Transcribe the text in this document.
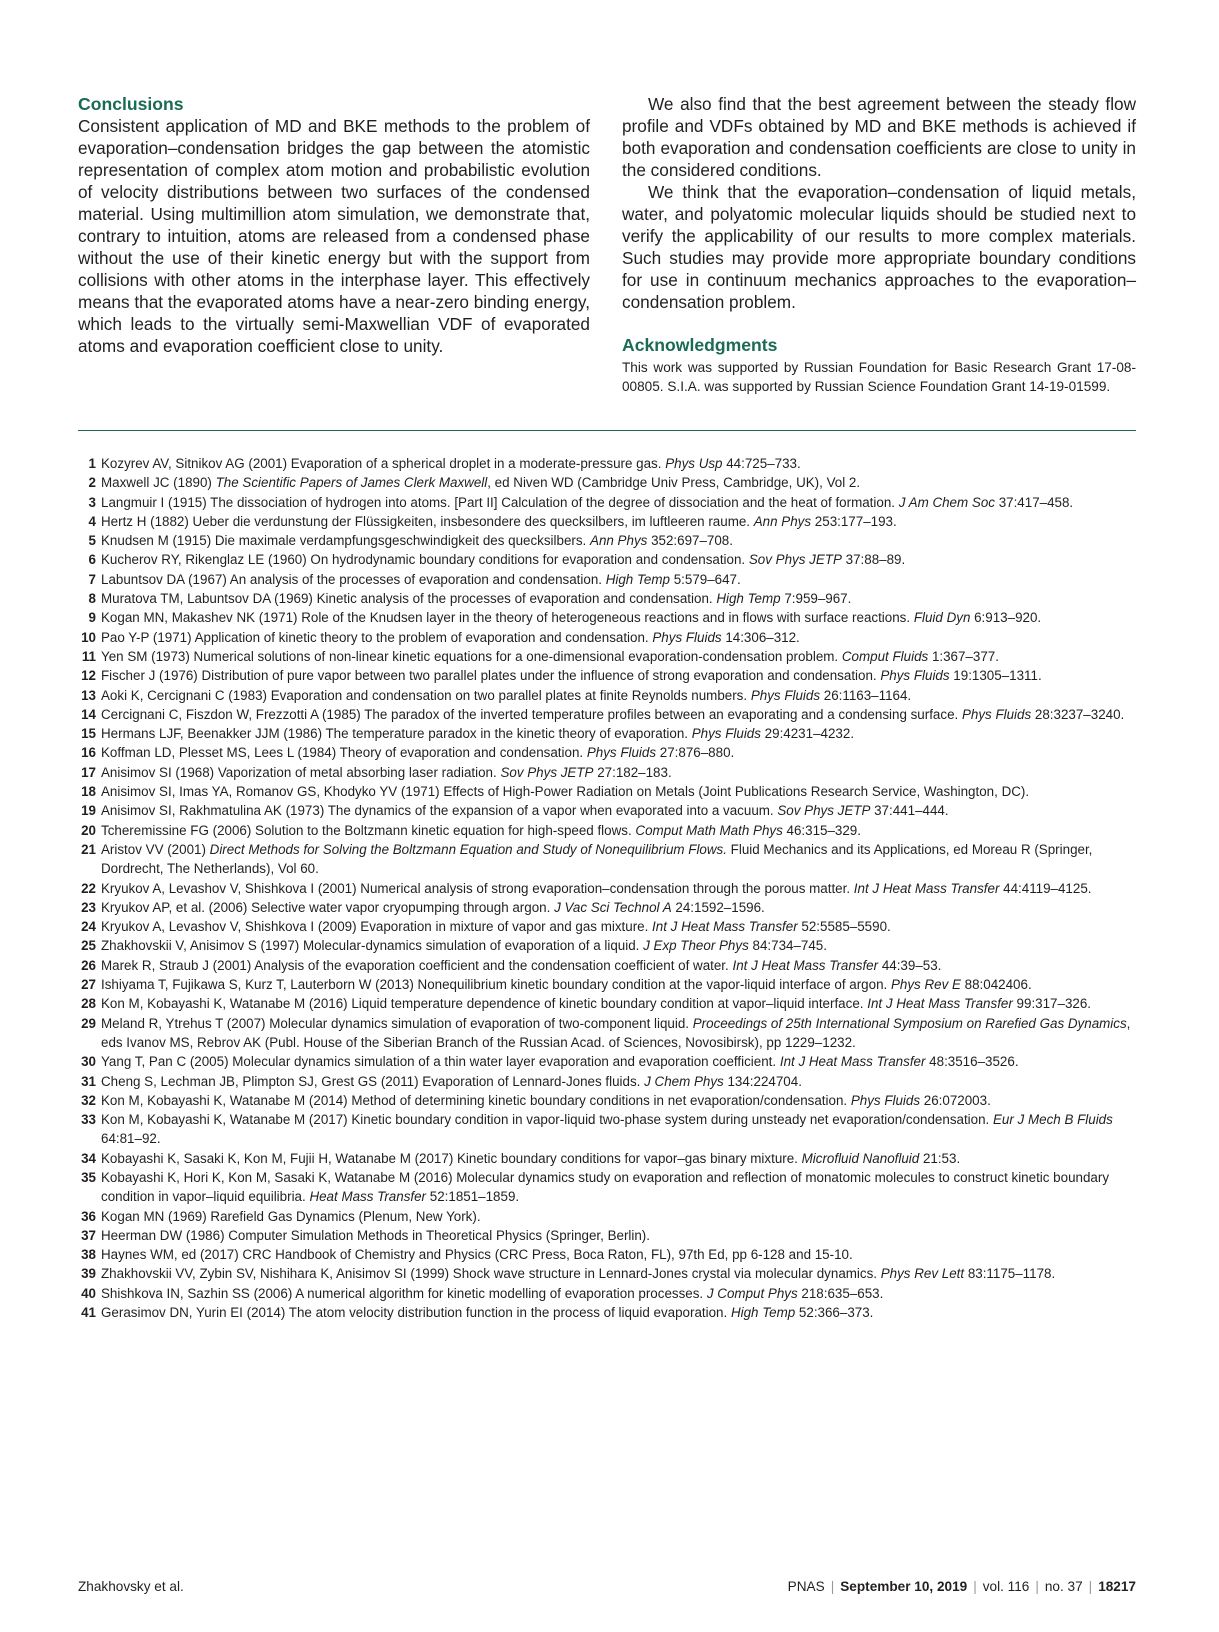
Conclusions

Consistent application of MD and BKE methods to the problem of evaporation–condensation bridges the gap between the atomistic representation of complex atom motion and probabilistic evolution of velocity distributions between two surfaces of the condensed material. Using multimillion atom simulation, we demonstrate that, contrary to intuition, atoms are released from a condensed phase without the use of their kinetic energy but with the support from collisions with other atoms in the interphase layer. This effectively means that the evaporated atoms have a near-zero binding energy, which leads to the virtually semi-Maxwellian VDF of evaporated atoms and evaporation coefficient close to unity.

We also find that the best agreement between the steady flow profile and VDFs obtained by MD and BKE methods is achieved if both evaporation and condensation coefficients are close to unity in the considered conditions.

We think that the evaporation–condensation of liquid metals, water, and polyatomic molecular liquids should be studied next to verify the applicability of our results to more complex materials. Such studies may provide more appropriate boundary conditions for use in continuum mechanics approaches to the evaporation–condensation problem.

Acknowledgments

This work was supported by Russian Foundation for Basic Research Grant 17-08-00805. S.I.A. was supported by Russian Science Foundation Grant 14-19-01599.

1 Kozyrev AV, Sitnikov AG (2001) Evaporation of a spherical droplet in a moderate-pressure gas. Phys Usp 44:725–733.
2 Maxwell JC (1890) The Scientific Papers of James Clerk Maxwell, ed Niven WD (Cambridge Univ Press, Cambridge, UK), Vol 2.
3 Langmuir I (1915) The dissociation of hydrogen into atoms. [Part II] Calculation of the degree of dissociation and the heat of formation. J Am Chem Soc 37:417–458.
4 Hertz H (1882) Ueber die verdunstung der Flüssigkeiten, insbesondere des quecksilbers, im luftleeren raume. Ann Phys 253:177–193.
5 Knudsen M (1915) Die maximale verdampfungsgeschwindigkeit des quecksilbers. Ann Phys 352:697–708.
6 Kucherov RY, Rikenglaz LE (1960) On hydrodynamic boundary conditions for evaporation and condensation. Sov Phys JETP 37:88–89.
7 Labuntsov DA (1967) An analysis of the processes of evaporation and condensation. High Temp 5:579–647.
8 Muratova TM, Labuntsov DA (1969) Kinetic analysis of the processes of evaporation and condensation. High Temp 7:959–967.
9 Kogan MN, Makashev NK (1971) Role of the Knudsen layer in the theory of heterogeneous reactions and in flows with surface reactions. Fluid Dyn 6:913–920.
10 Pao Y-P (1971) Application of kinetic theory to the problem of evaporation and condensation. Phys Fluids 14:306–312.
11 Yen SM (1973) Numerical solutions of non-linear kinetic equations for a one-dimensional evaporation-condensation problem. Comput Fluids 1:367–377.
12 Fischer J (1976) Distribution of pure vapor between two parallel plates under the influence of strong evaporation and condensation. Phys Fluids 19:1305–1311.
13 Aoki K, Cercignani C (1983) Evaporation and condensation on two parallel plates at finite Reynolds numbers. Phys Fluids 26:1163–1164.
14 Cercignani C, Fiszdon W, Frezzotti A (1985) The paradox of the inverted temperature profiles between an evaporating and a condensing surface. Phys Fluids 28:3237–3240.
15 Hermans LJF, Beenakker JJM (1986) The temperature paradox in the kinetic theory of evaporation. Phys Fluids 29:4231–4232.
16 Koffman LD, Plesset MS, Lees L (1984) Theory of evaporation and condensation. Phys Fluids 27:876–880.
17 Anisimov SI (1968) Vaporization of metal absorbing laser radiation. Sov Phys JETP 27:182–183.
18 Anisimov SI, Imas YA, Romanov GS, Khodyko YV (1971) Effects of High-Power Radiation on Metals (Joint Publications Research Service, Washington, DC).
19 Anisimov SI, Rakhmatulina AK (1973) The dynamics of the expansion of a vapor when evaporated into a vacuum. Sov Phys JETP 37:441–444.
20 Tcheremissine FG (2006) Solution to the Boltzmann kinetic equation for high-speed flows. Comput Math Math Phys 46:315–329.
21 Aristov VV (2001) Direct Methods for Solving the Boltzmann Equation and Study of Nonequilibrium Flows. Fluid Mechanics and its Applications, ed Moreau R (Springer, Dordrecht, The Netherlands), Vol 60.
22 Kryukov A, Levashov V, Shishkova I (2001) Numerical analysis of strong evaporation–condensation through the porous matter. Int J Heat Mass Transfer 44:4119–4125.
23 Kryukov AP, et al. (2006) Selective water vapor cryopumping through argon. J Vac Sci Technol A 24:1592–1596.
24 Kryukov A, Levashov V, Shishkova I (2009) Evaporation in mixture of vapor and gas mixture. Int J Heat Mass Transfer 52:5585–5590.
25 Zhakhovskii V, Anisimov S (1997) Molecular-dynamics simulation of evaporation of a liquid. J Exp Theor Phys 84:734–745.
26 Marek R, Straub J (2001) Analysis of the evaporation coefficient and the condensation coefficient of water. Int J Heat Mass Transfer 44:39–53.
27 Ishiyama T, Fujikawa S, Kurz T, Lauterborn W (2013) Nonequilibrium kinetic boundary condition at the vapor-liquid interface of argon. Phys Rev E 88:042406.
28 Kon M, Kobayashi K, Watanabe M (2016) Liquid temperature dependence of kinetic boundary condition at vapor–liquid interface. Int J Heat Mass Transfer 99:317–326.
29 Meland R, Ytrehus T (2007) Molecular dynamics simulation of evaporation of two-component liquid. Proceedings of 25th International Symposium on Rarefied Gas Dynamics, eds Ivanov MS, Rebrov AK (Publ. House of the Siberian Branch of the Russian Acad. of Sciences, Novosibirsk), pp 1229–1232.
30 Yang T, Pan C (2005) Molecular dynamics simulation of a thin water layer evaporation and evaporation coefficient. Int J Heat Mass Transfer 48:3516–3526.
31 Cheng S, Lechman JB, Plimpton SJ, Grest GS (2011) Evaporation of Lennard-Jones fluids. J Chem Phys 134:224704.
32 Kon M, Kobayashi K, Watanabe M (2014) Method of determining kinetic boundary conditions in net evaporation/condensation. Phys Fluids 26:072003.
33 Kon M, Kobayashi K, Watanabe M (2017) Kinetic boundary condition in vapor-liquid two-phase system during unsteady net evaporation/condensation. Eur J Mech B Fluids 64:81–92.
34 Kobayashi K, Sasaki K, Kon M, Fujii H, Watanabe M (2017) Kinetic boundary conditions for vapor–gas binary mixture. Microfluid Nanofluid 21:53.
35 Kobayashi K, Hori K, Kon M, Sasaki K, Watanabe M (2016) Molecular dynamics study on evaporation and reflection of monatomic molecules to construct kinetic boundary condition in vapor–liquid equilibria. Heat Mass Transfer 52:1851–1859.
36 Kogan MN (1969) Rarefield Gas Dynamics (Plenum, New York).
37 Heerman DW (1986) Computer Simulation Methods in Theoretical Physics (Springer, Berlin).
38 Haynes WM, ed (2017) CRC Handbook of Chemistry and Physics (CRC Press, Boca Raton, FL), 97th Ed, pp 6-128 and 15-10.
39 Zhakhovskii VV, Zybin SV, Nishihara K, Anisimov SI (1999) Shock wave structure in Lennard-Jones crystal via molecular dynamics. Phys Rev Lett 83:1175–1178.
40 Shishkova IN, Sazhin SS (2006) A numerical algorithm for kinetic modelling of evaporation processes. J Comput Phys 218:635–653.
41 Gerasimov DN, Yurin EI (2014) The atom velocity distribution function in the process of liquid evaporation. High Temp 52:366–373.
Zhakhovsky et al.	PNAS | September 10, 2019 | vol. 116 | no. 37 | 18217
